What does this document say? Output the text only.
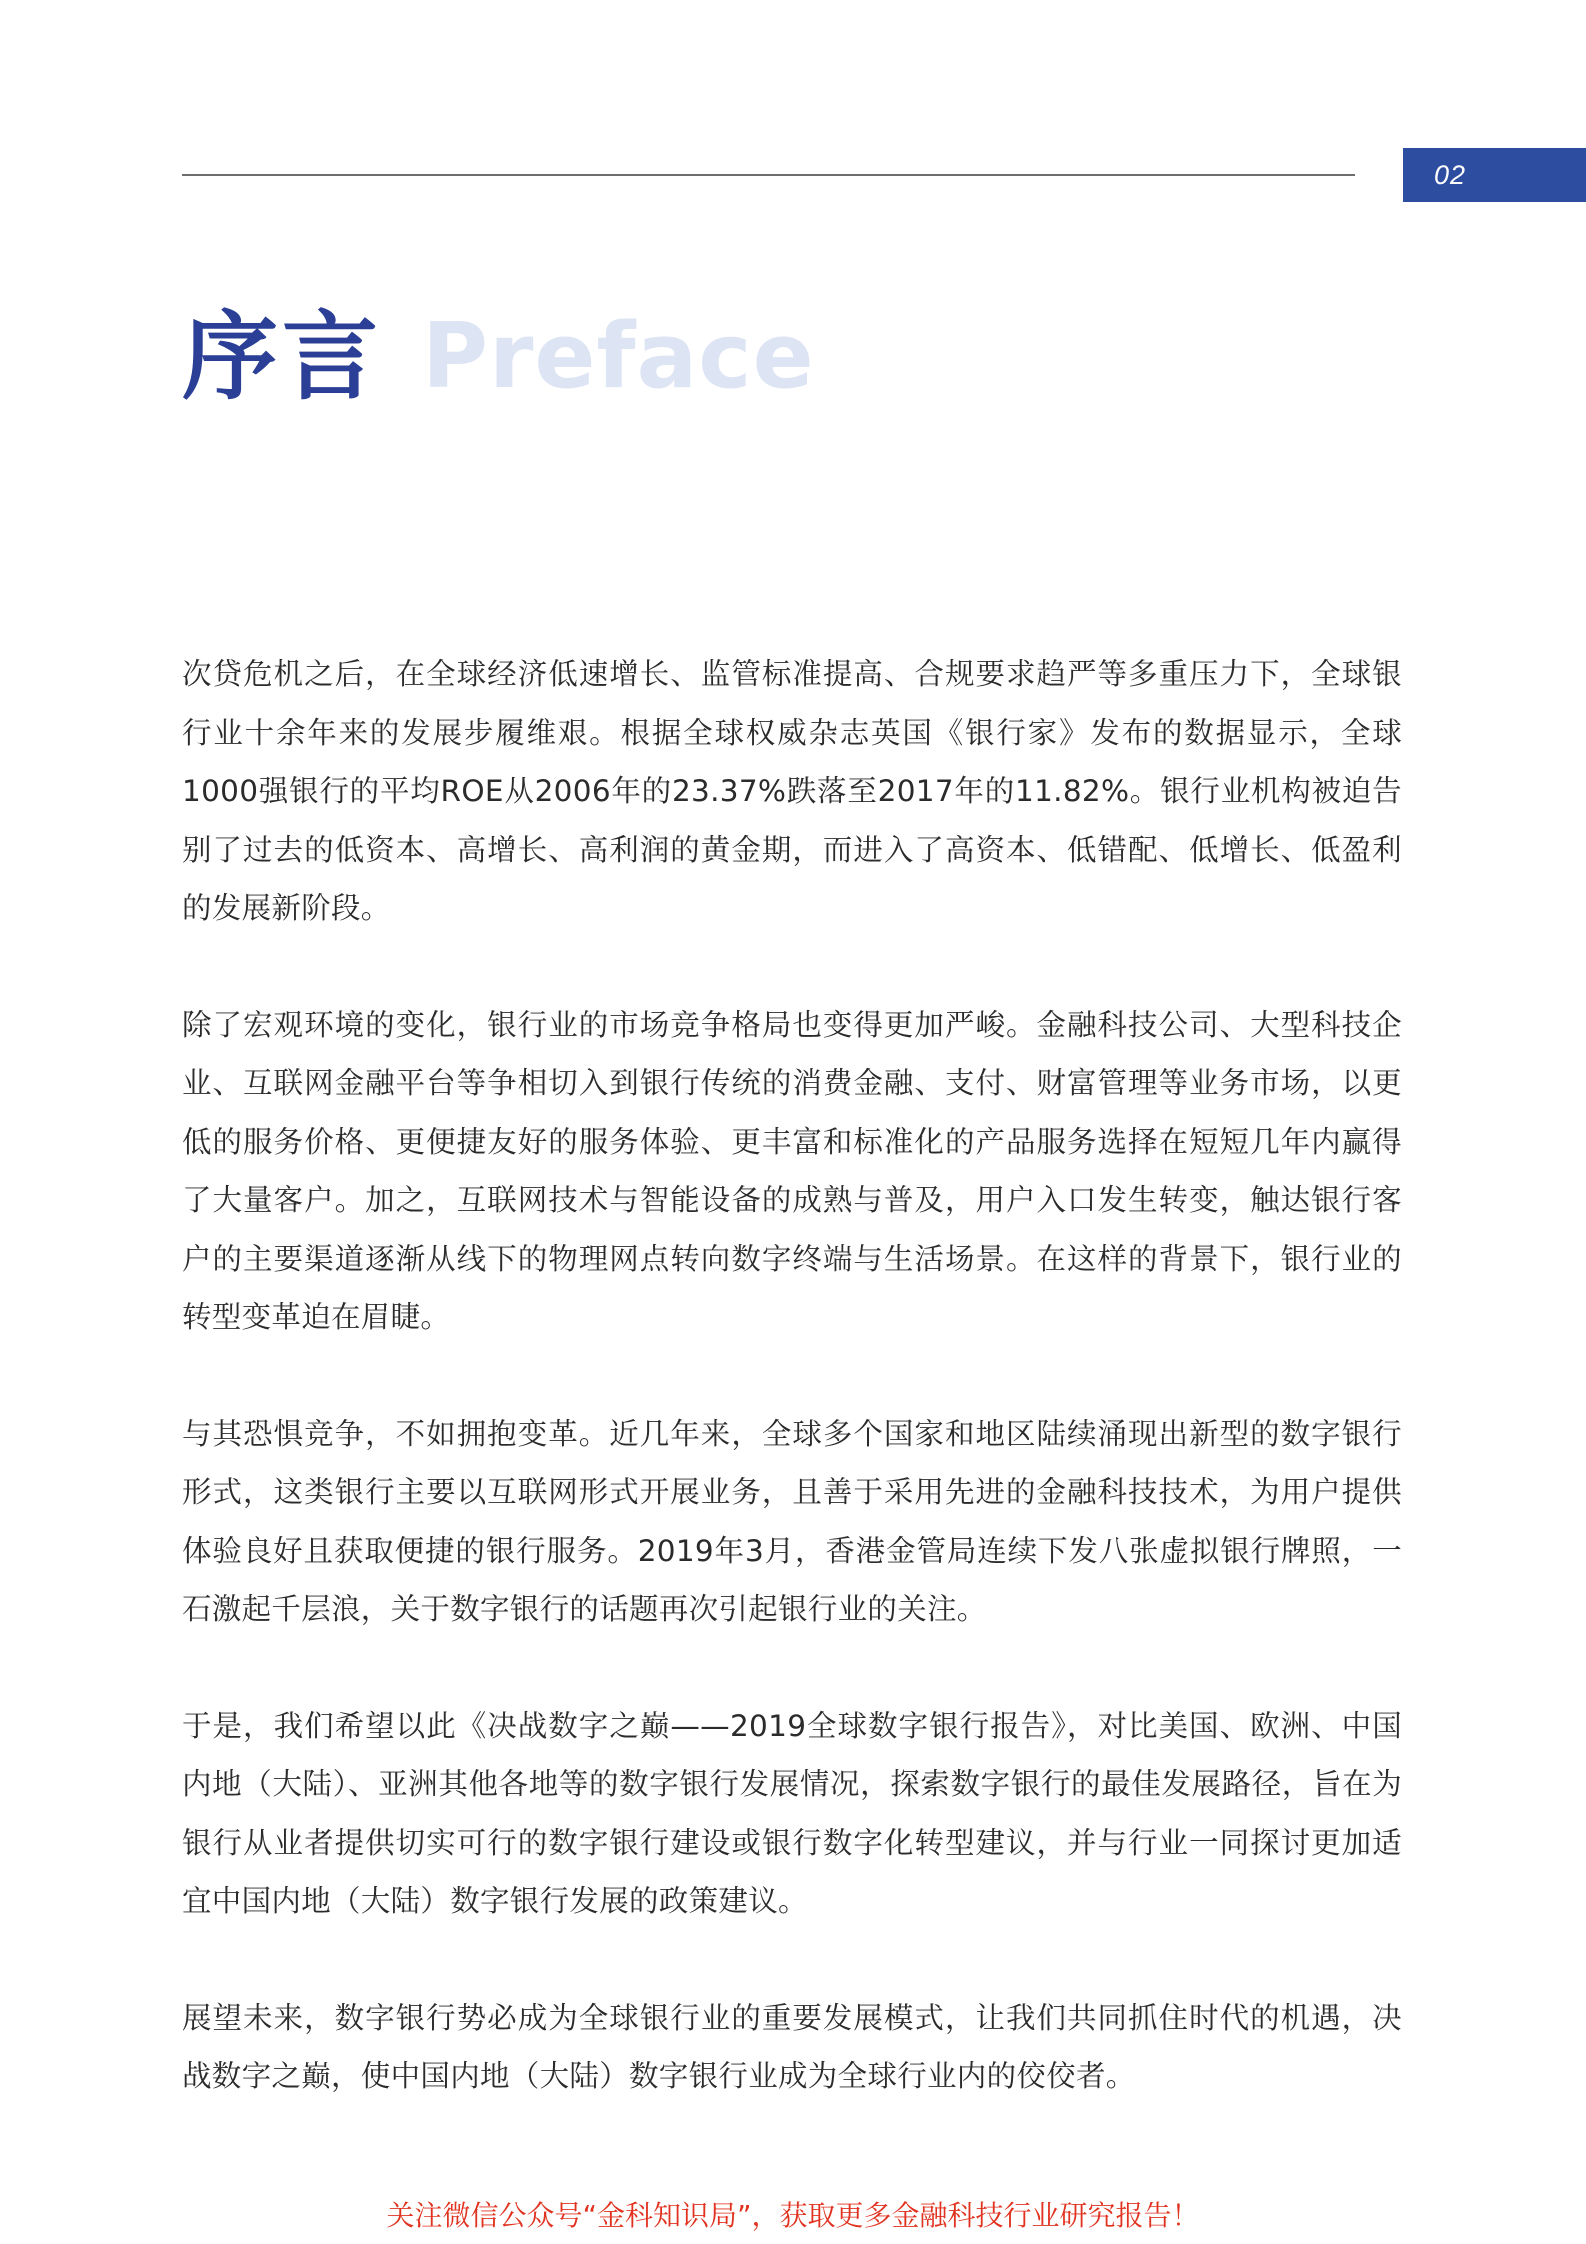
02
序言 Preface

次贷危机之后，在全球经济低速增长、监管标准提高、合规要求趋严等多重压力下，全球银行业十余年来的发展步履维艰。根据全球权威杂志英国《银行家》发布的数据显示，全球1000强银行的平均ROE从2006年的23.37%跌落至2017年的11.82%。银行业机构被迫告别了过去的低资本、高增长、高利润的黄金期，而进入了高资本、低错配、低增长、低盈利的发展新阶段。

除了宏观环境的变化，银行业的市场竞争格局也变得更加严峻。金融科技公司、大型科技企业、互联网金融平台等争相切入到银行传统的消费金融、支付、财富管理等业务市场，以更低的服务价格、更便捷友好的服务体验、更丰富和标准化的产品服务选择在短短几年内赢得了大量客户。加之，互联网技术与智能设备的成熟与普及，用户入口发生转变，触达银行客户的主要渠道逐渐从线下的物理网点转向数字终端与生活场景。在这样的背景下，银行业的转型变革迫在眉睫。

与其恐惧竞争，不如拥抱变革。近几年来，全球多个国家和地区陆续涌现出新型的数字银行形式，这类银行主要以互联网形式开展业务，且善于采用先进的金融科技技术，为用户提供体验良好且获取便捷的银行服务。2019年3月，香港金管局连续下发八张虚拟银行牌照，一石激起千层浪，关于数字银行的话题再次引起银行业的关注。

于是，我们希望以此《决战数字之巅——2019全球数字银行报告》，对比美国、欧洲、中国内地（大陆）、亚洲其他各地等的数字银行发展情况，探索数字银行的最佳发展路径，旨在为银行从业者提供切实可行的数字银行建设或银行数字化转型建议，并与行业一同探讨更加适宜中国内地（大陆）数字银行发展的政策建议。

展望未来，数字银行势必成为全球银行业的重要发展模式，让我们共同抓住时代的机遇，决战数字之巅，使中国内地（大陆）数字银行业成为全球行业内的佼佼者。

关注微信公众号“金科知识局”，获取更多金融科技行业研究报告！
